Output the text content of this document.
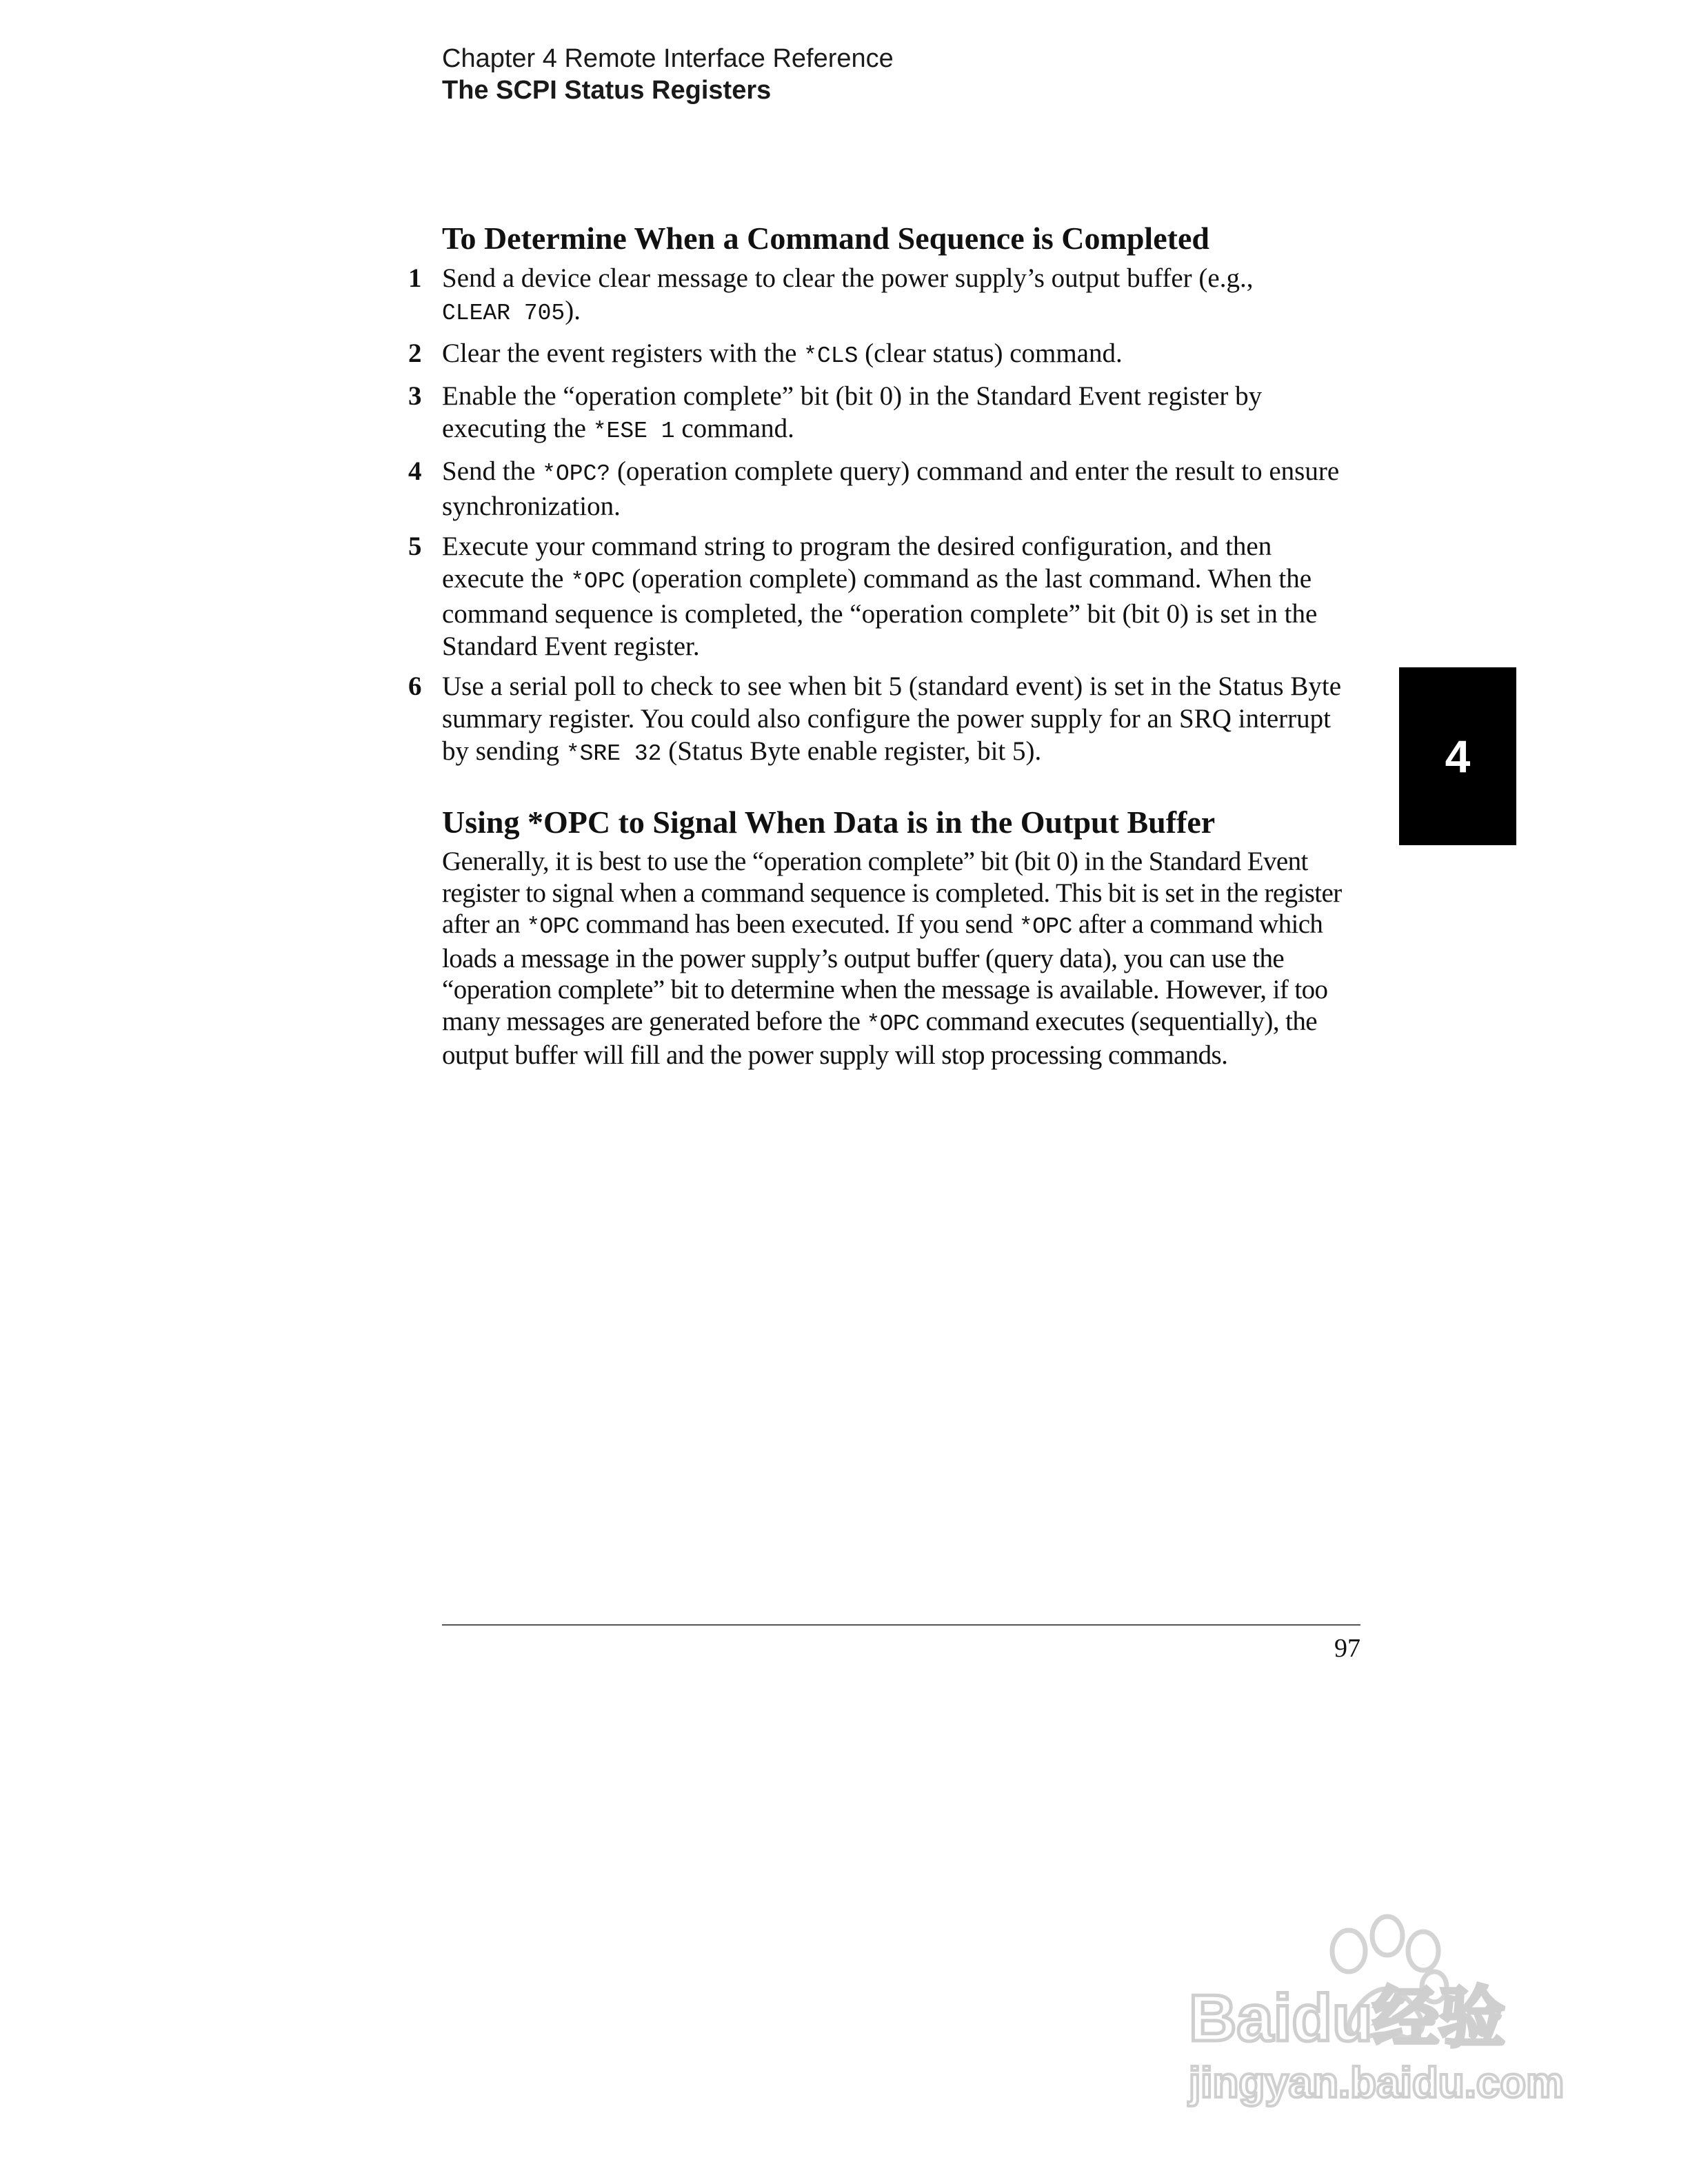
Chapter 4 Remote Interface Reference
The SCPI Status Registers
To Determine When a Command Sequence is Completed
1 Send a device clear message to clear the power supply’s output buffer (e.g.,
CLEAR 705).
2 Clear the event registers with the *CLS (clear status) command.
3 Enable the “operation complete” bit (bit 0) in the Standard Event register by executing the *ESE 1 command.
4 Send the *OPC? (operation complete query) command and enter the result to ensure synchronization.
5 Execute your command string to program the desired configuration, and then execute the *OPC (operation complete) command as the last command. When the command sequence is completed, the “operation complete” bit (bit 0) is set in the Standard Event register.
6 Use a serial poll to check to see when bit 5 (standard event) is set in the Status Byte summary register. You could also configure the power supply for an SRQ interrupt by sending *SRE 32 (Status Byte enable register, bit 5).
Using *OPC to Signal When Data is in the Output Buffer

Generally, it is best to use the “operation complete” bit (bit 0) in the Standard Event register to signal when a command sequence is completed. This bit is set in the register after an *OPC command has been executed. If you send *OPC after a command which loads a message in the power supply’s output buffer (query data), you can use the “operation complete” bit to determine when the message is available. However, if too many messages are generated before the *OPC command executes (sequentially), the output buffer will fill and the power supply will stop processing commands.

4
97
Baidu经验
jingyan.baidu.com
